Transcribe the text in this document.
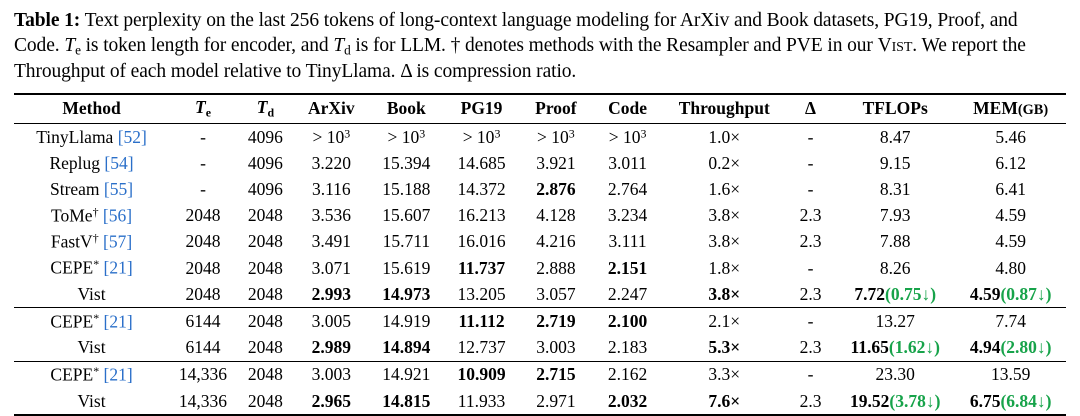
Table 1: Text perplexity on the last 256 tokens of long-context language modeling for ArXiv and Book datasets, PG19, Proof, and Code. $T_e$ is token length for encoder, and $T_d$ is for LLM. † denotes methods with the Resampler and PVE in our Vist. We report the Throughput of each model relative to TinyLlama. Δ is compression ratio.
Method	$T_e$	$T_d$	ArXiv	Book	PG19	Proof	Code	Throughput	Δ	TFLOPs	MEM(GB)
TinyLlama [52]	-	4096	> $10^3$	> $10^3$	> $10^3$	> $10^3$	> $10^3$	1.0×	-	8.47	5.46
Replug [54]	-	4096	3.220	15.394	14.685	3.921	3.011	0.2×	-	9.15	6.12
Stream [55]	-	4096	3.116	15.188	14.372	2.876	2.764	1.6×	-	8.31	6.41
ToMe† [56]	2048	2048	3.536	15.607	16.213	4.128	3.234	3.8×	2.3	7.93	4.59
FastV† [57]	2048	2048	3.491	15.711	16.016	4.216	3.111	3.8×	2.3	7.88	4.59
CEPE* [21]	2048	2048	3.071	15.619	11.737	2.888	2.151	1.8×	-	8.26	4.80
Vist	2048	2048	2.993	14.973	13.205	3.057	2.247	3.8×	2.3	7.72(0.75↓)	4.59(0.87↓)
CEPE* [21]	6144	2048	3.005	14.919	11.112	2.719	2.100	2.1×	-	13.27	7.74
Vist	6144	2048	2.989	14.894	12.737	3.003	2.183	5.3×	2.3	11.65(1.62↓)	4.94(2.80↓)
CEPE* [21]	14,336	2048	3.003	14.921	10.909	2.715	2.162	3.3×	-	23.30	13.59
Vist	14,336	2048	2.965	14.815	11.933	2.971	2.032	7.6×	2.3	19.52(3.78↓)	6.75(6.84↓)
